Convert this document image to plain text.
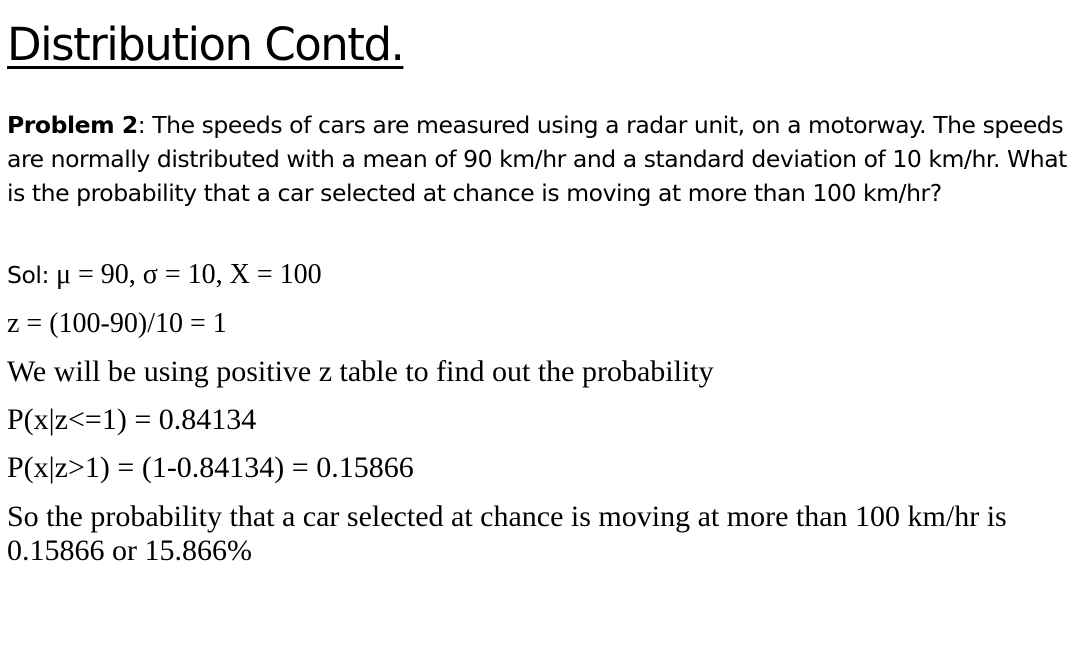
Distribution Contd.

Problem 2: The speeds of cars are measured using a radar unit, on a motorway. The speeds are normally distributed with a mean of 90 km/hr and a standard deviation of 10 km/hr. What is the probability that a car selected at chance is moving at more than 100 km/hr?

Sol: μ = 90, σ = 10, X = 100

z = (100-90)/10 = 1

We will be using positive z table to find out the probability

P(x|z<=1) = 0.84134

P(x|z>1) = (1-0.84134) = 0.15866

So the probability that a car selected at chance is moving at more than 100 km/hr is 0.15866 or 15.866%
